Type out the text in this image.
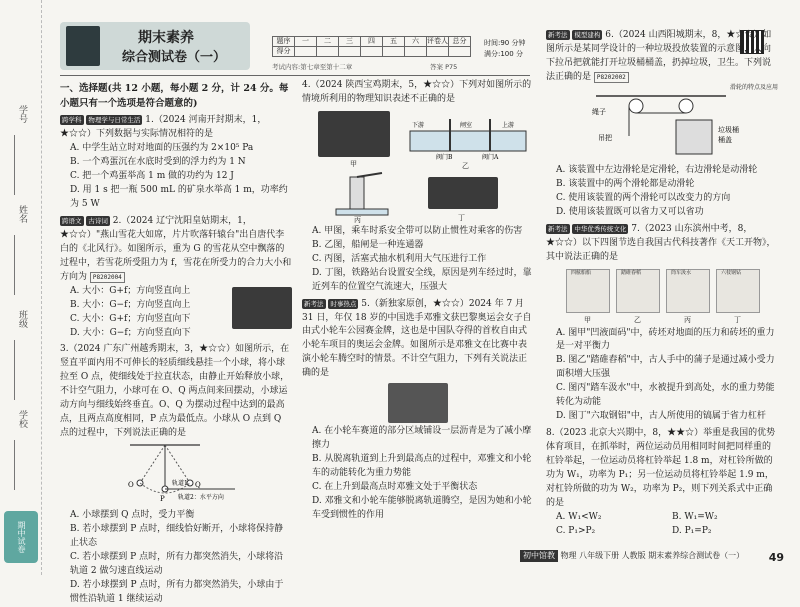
学号
姓名
班级
学校
期中试卷
期末素养
综合测试卷（一）
题序	一	二	三	四	五	六	评卷人	总分
得分								
时间:90 分钟
满分:100 分
考试内容:第七章至第十二章	答案 P75
一、选择题(共 12 小题，每小题 2 分，计 24 分。每小题只有一个选项是符合题意的)
跨学科 物理学与日常生活 1.（2024 河南开封期末，1，★☆☆）下列数据与实际情况相符的是
A. 中学生站立时对地面的压强约为 2×10⁵ Pa
B. 一个鸡蛋沉在水底时受到的浮力约为 1 N
C. 把一个鸡蛋举高 1 m 做的功约为 12 J
D. 用 1 s 把一瓶 500 mL 的矿泉水举高 1 m，功率约为 5 W
跨语文 古诗词 2.（2024 辽宁沈阳皇姑期末，1，★☆☆）"燕山雪花大如席，片片吹落轩辕台"出自唐代李白的《北风行》。如图所示，重为 G 的雪花从空中飘落的过程中，若雪花所受阻力为 f，雪花在所受力的合力大小和方向为 P8202004
A. 大小：G+f；方向竖直向上
B. 大小：G−f；方向竖直向上
C. 大小：G+f；方向竖直向下
D. 大小：G−f；方向竖直向下
3.（2024 广东广州越秀期末，3，★☆☆）如图所示，在竖直平面内用不可伸长的轻质细线悬挂一个小球，将小球拉至 O 点，使细线处于拉直状态，由静止开始释放小球，不计空气阻力，小球可在 O、Q 两点间来回摆动，小球运动方向与细线始终垂直。O、Q 为摆动过程中达到的最高点，且两点高度相同，P 点为最低点。小球从 O 点到 Q 点的过程中，下列说法正确的是
O
P
Q
轨道1
轨道2：水平方向
A. 小球摆到 Q 点时，受力平衡
B. 若小球摆到 P 点时，细线恰好断开，小球将保持静止状态
C. 若小球摆到 P 点时，所有力都突然消失，小球将沿轨道 2 做匀速直线运动
D. 若小球摆到 P 点时，所有力都突然消失，小球由于惯性沿轨道 1 继续运动
4.（2024 陕西宝鸡期末，5，★☆☆）下列对如图所示的情境所利用的物理知识表述不正确的是
甲
闸室
下游	上游
阀门B	阀门A
乙
丙	丁
A. 甲图，乘车时系安全带可以防止惯性对乘客的伤害
B. 乙图，船闸是一种连通器
C. 丙图，活塞式抽水机利用大气压进行工作
D. 丁图，铁路站台设置安全线，原因是列车经过时，靠近列车的位置空气流速大，压强大
新考法 时事热点 5.（新独家原创，★☆☆）2024 年 7 月 31 日，年仅 18 岁的中国选手邓雅文获巴黎奥运会女子自由式小轮车公园赛金牌，这也是中国队夺得的首枚自由式小轮车项目的奥运会金牌。如图所示是邓雅文在比赛中表演小轮车腾空时的情景。不计空气阻力，下列有关说法正确的是
A. 在小轮车赛道的部分区域铺设一层沥青是为了减小摩擦力
B. 从脱离轨道到上升到最高点的过程中，邓雅文和小轮车的动能转化为重力势能
C. 在上升到最高点时邓雅文处于平衡状态
D. 邓雅文和小轮车能够脱离轨道腾空，是因为她和小轮车受到惯性的作用
新考法 模型建构 6.（2024 山西阳城期末，8，★☆☆）如图所示是某同学设计的一种垃圾投放装置的示意图，人向下拉吊把就能打开垃圾桶桶盖，扔掉垃圾，卫生。下列说法正确的是 P8202002
滑轮的特点及应用
绳子
吊把
垃圾桶
桶盖
A. 该装置中左边滑轮是定滑轮，右边滑轮是动滑轮
B. 该装置中的两个滑轮都是动滑轮
C. 使用该装置的两个滑轮可以改变力的方向
D. 使用该装置既可以省力又可以省功
新考法 中华优秀传统文化 7.（2023 山东滨州中考，8，★☆☆）以下四图节选自我国古代科技著作《天工开物》，其中说法正确的是
四舷船船	踏碓舂稻	筒车汲水	六枝钢钻
甲	乙	丙	丁
A. 图甲"凹液面码"中，砖坯对地面的压力和砖坯的重力是一对平衡力
B. 图乙"踏碓舂稻"中，古人手中的蒲子是通过减小受力面积增大压强
C. 图丙"踏车汲水"中，水被提升到高处，水的重力势能转化为动能
D. 图丁"六取钢铝"中，古人所使用的镐属于省力杠杆
8.（2023 北京大兴期中，8，★★☆）举重是我国的优势体育项目，在抓举时，两位运动员用相同时间把同样重的杠铃举起，一位运动员将杠铃举起 1.8 m，对杠铃所做的功为 W₁，功率为 P₁；另一位运动员将杠铃举起 1.9 m，对杠铃所做的功为 W₂，功率为 P₂，则下列关系式中正确的是
A. W₁<W₂	B. W₁=W₂
C. P₁>P₂	D. P₁=P₂
初中馆教 物理 八年级下册 人教版 期末素养综合测试卷（一）	49
